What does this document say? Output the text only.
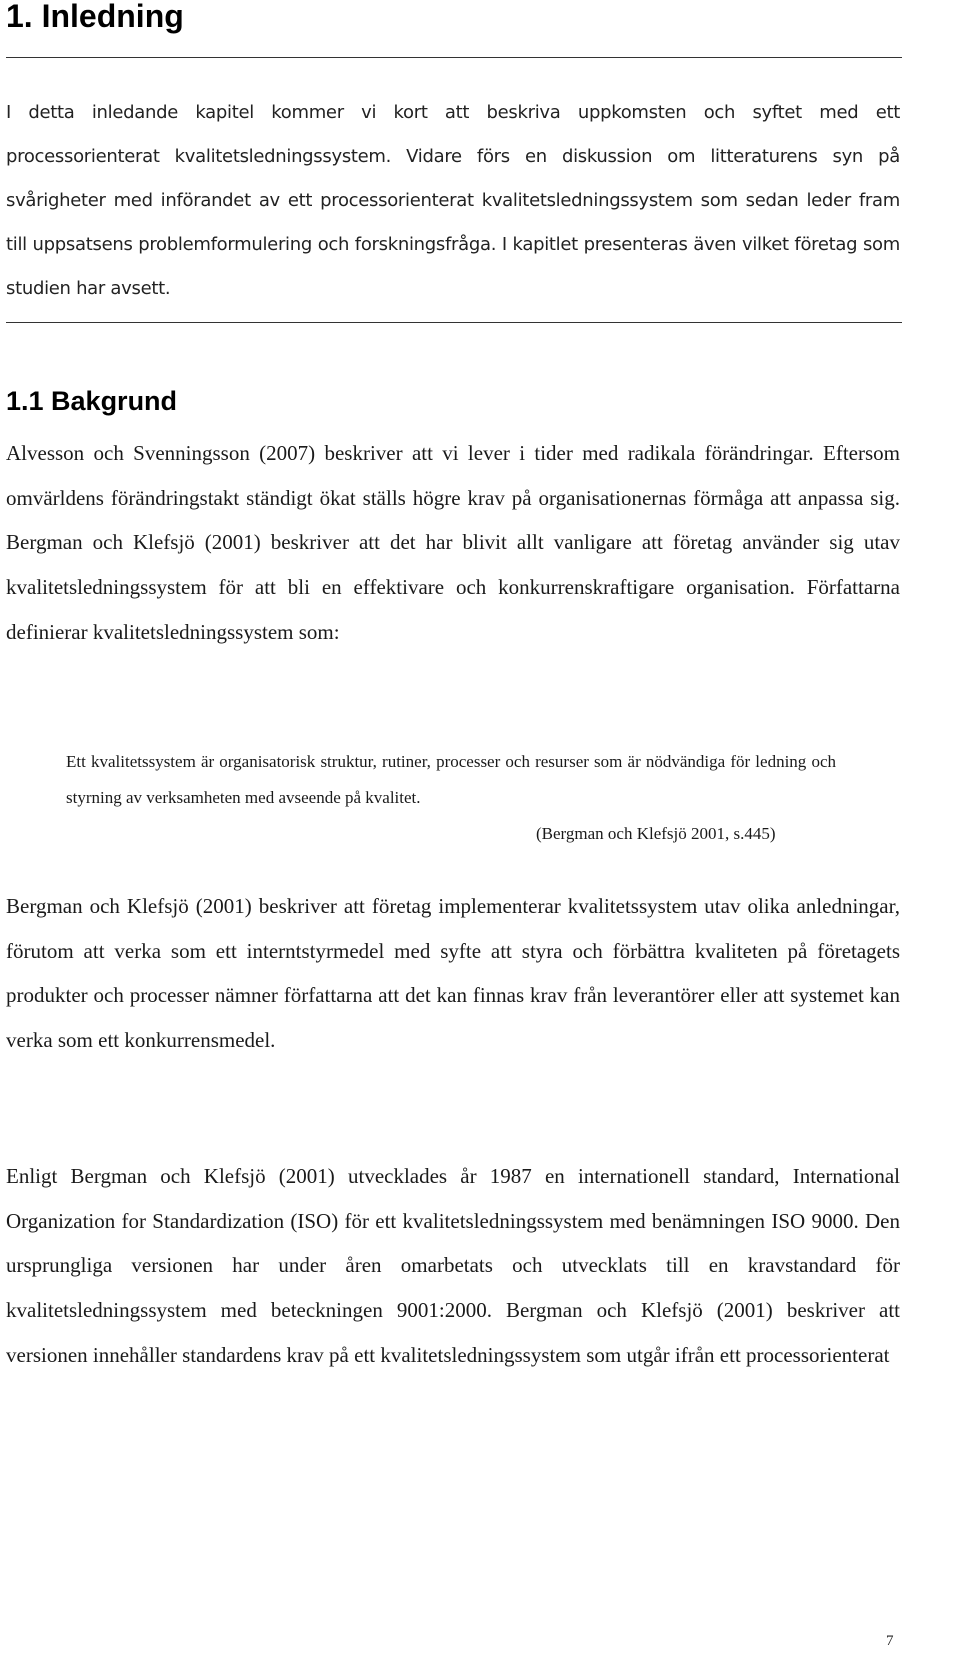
1. Inledning

I detta inledande kapitel kommer vi kort att beskriva uppkomsten och syftet med ett processorienterat kvalitetsledningssystem. Vidare förs en diskussion om litteraturens syn på svårigheter med införandet av ett processorienterat kvalitetsledningssystem som sedan leder fram till uppsatsens problemformulering och forskningsfråga. I kapitlet presenteras även vilket företag som studien har avsett.

1.1 Bakgrund

Alvesson och Svenningsson (2007) beskriver att vi lever i tider med radikala förändringar. Eftersom omvärldens förändringstakt ständigt ökat ställs högre krav på organisationernas förmåga att anpassa sig. Bergman och Klefsjö (2001) beskriver att det har blivit allt vanligare att företag använder sig utav kvalitetsledningssystem för att bli en effektivare och konkurrenskraftigare organisation. Författarna definierar kvalitetsledningssystem som:

Ett kvalitetssystem är organisatorisk struktur, rutiner, processer och resurser som är nödvändiga för ledning och styrning av verksamheten med avseende på kvalitet.

(Bergman och Klefsjö 2001, s.445)

Bergman och Klefsjö (2001) beskriver att företag implementerar kvalitetssystem utav olika anledningar, förutom att verka som ett interntstyrmedel med syfte att styra och förbättra kvaliteten på företagets produkter och processer nämner författarna att det kan finnas krav från leverantörer eller att systemet kan verka som ett konkurrensmedel.

Enligt Bergman och Klefsjö (2001) utvecklades år 1987 en internationell standard, International Organization for Standardization (ISO) för ett kvalitetsledningssystem med benämningen ISO 9000. Den ursprungliga versionen har under åren omarbetats och utvecklats till en kravstandard för kvalitetsledningssystem med beteckningen 9001:2000. Bergman och Klefsjö (2001) beskriver att versionen innehåller standardens krav på ett kvalitetsledningssystem som utgår ifrån ett processorienterat

7
